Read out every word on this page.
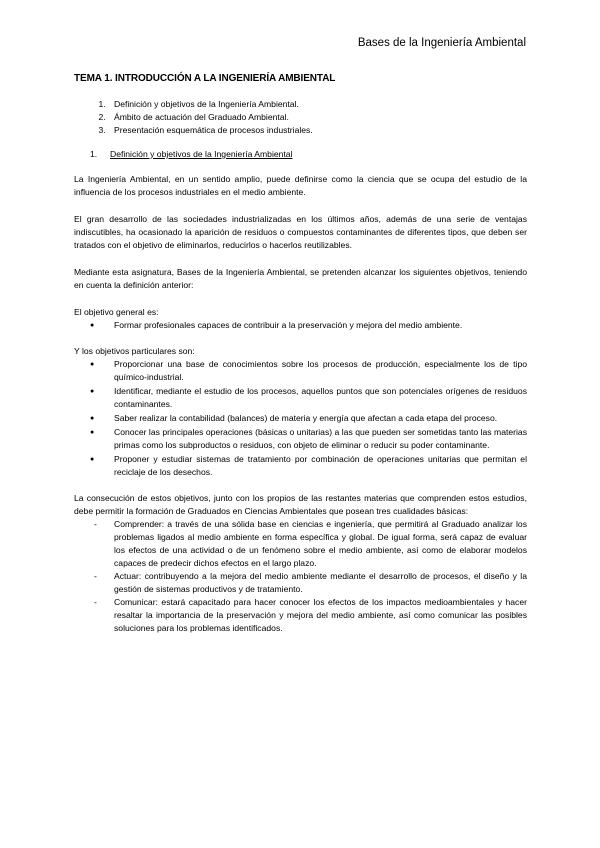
Bases de la Ingeniería Ambiental
TEMA 1. INTRODUCCIÓN A LA INGENIERÍA AMBIENTAL
1. Definición y objetivos de la Ingeniería Ambiental.
2. Ámbito de actuación del Graduado Ambiental.
3. Presentación esquemática de procesos industriales.
1. Definición y objetivos de la Ingeniería Ambiental

La Ingeniería Ambiental, en un sentido amplio, puede definirse como la ciencia que se ocupa del estudio de la influencia de los procesos industriales en el medio ambiente.

El gran desarrollo de las sociedades industrializadas en los últimos años, además de una serie de ventajas indiscutibles, ha ocasionado la aparición de residuos o compuestos contaminantes de diferentes tipos, que deben ser tratados con el objetivo de eliminarlos, reducirlos o hacerlos reutilizables.

Mediante esta asignatura, Bases de la Ingeniería Ambiental, se pretenden alcanzar los siguientes objetivos, teniendo en cuenta la definición anterior:

El objetivo general es:
● Formar profesionales capaces de contribuir a la preservación y mejora del medio ambiente.
Y los objetivos particulares son:
● Proporcionar una base de conocimientos sobre los procesos de producción, especialmente los de tipo químico-industrial.
● Identificar, mediante el estudio de los procesos, aquellos puntos que son potenciales orígenes de residuos contaminantes.
● Saber realizar la contabilidad (balances) de materia y energía que afectan a cada etapa del proceso.
● Conocer las principales operaciones (básicas o unitarias) a las que pueden ser sometidas tanto las materias primas como los subproductos o residuos, con objeto de eliminar o reducir su poder contaminante.
● Proponer y estudiar sistemas de tratamiento por combinación de operaciones unitarias que permitan el reciclaje de los desechos.

La consecución de estos objetivos, junto con los propios de las restantes materias que comprenden estos estudios, debe permitir la formación de Graduados en Ciencias Ambientales que posean tres cualidades básicas:

- Comprender: a través de una sólida base en ciencias e ingeniería, que permitirá al Graduado analizar los problemas ligados al medio ambiente en forma específica y global. De igual forma, será capaz de evaluar los efectos de una actividad o de un fenómeno sobre el medio ambiente, así como de elaborar modelos capaces de predecir dichos efectos en el largo plazo.
- Actuar: contribuyendo a la mejora del medio ambiente mediante el desarrollo de procesos, el diseño y la gestión de sistemas productivos y de tratamiento.
- Comunicar: estará capacitado para hacer conocer los efectos de los impactos medioambientales y hacer resaltar la importancia de la preservación y mejora del medio ambiente, así como comunicar las posibles soluciones para los problemas identificados.
